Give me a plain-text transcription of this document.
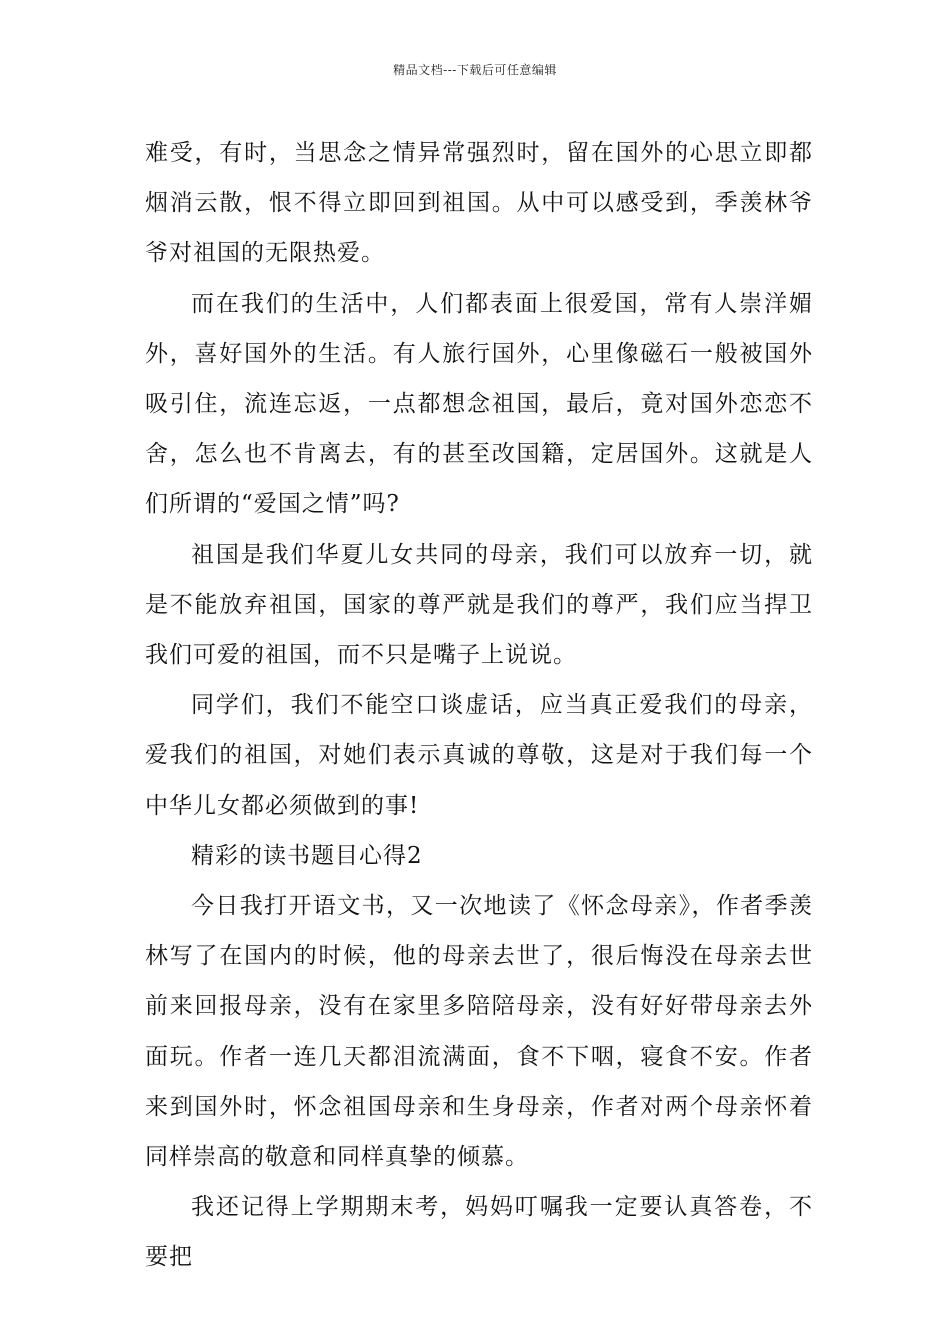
精品文档---下载后可任意编辑

难受，有时，当思念之情异常强烈时，留在国外的心思立即都烟消云散，恨不得立即回到祖国。从中可以感受到，季羡林爷爷对祖国的无限热爱。

而在我们的生活中，人们都表面上很爱国，常有人崇洋媚外，喜好国外的生活。有人旅行国外，心里像磁石一般被国外吸引住，流连忘返，一点都想念祖国，最后，竟对国外恋恋不舍，怎么也不肯离去，有的甚至改国籍，定居国外。这就是人们所谓的“爱国之情”吗?

祖国是我们华夏儿女共同的母亲，我们可以放弃一切，就是不能放弃祖国，国家的尊严就是我们的尊严，我们应当捍卫我们可爱的祖国，而不只是嘴子上说说。

同学们，我们不能空口谈虚话，应当真正爱我们的母亲，爱我们的祖国，对她们表示真诚的尊敬，这是对于我们每一个中华儿女都必须做到的事!

精彩的读书题目心得2

今日我打开语文书，又一次地读了《怀念母亲》，作者季羡林写了在国内的时候，他的母亲去世了，很后悔没在母亲去世前来回报母亲，没有在家里多陪陪母亲，没有好好带母亲去外面玩。作者一连几天都泪流满面，食不下咽，寝食不安。作者来到国外时，怀念祖国母亲和生身母亲，作者对两个母亲怀着同样崇高的敬意和同样真挚的倾慕。

我还记得上学期期末考，妈妈叮嘱我一定要认真答卷，不要把
